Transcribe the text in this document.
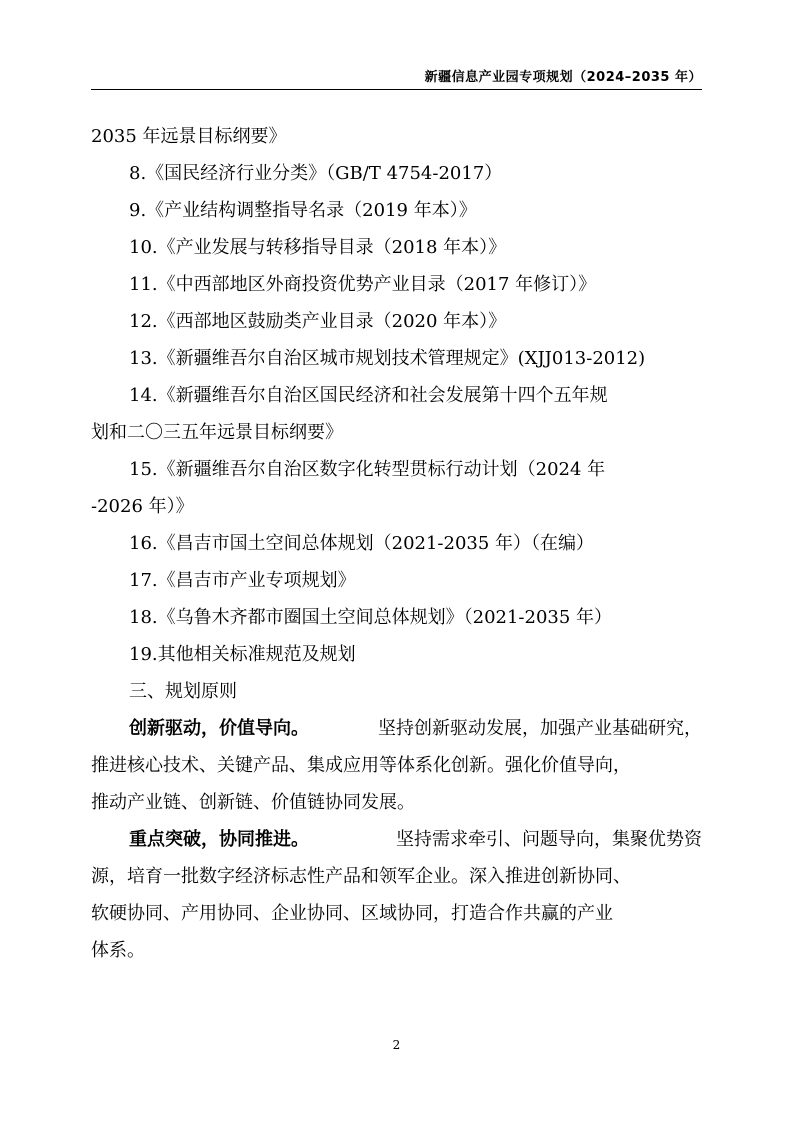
新疆信息产业园专项规划（2024–2035 年）
2035 年远景目标纲要》
8.《国民经济行业分类》（GB/T 4754-2017）
9.《产业结构调整指导名录（2019 年本）》
10.《产业发展与转移指导目录（2018 年本）》
11.《中西部地区外商投资优势产业目录（2017 年修订）》
12.《西部地区鼓励类产业目录（2020 年本）》
13.《新疆维吾尔自治区城市规划技术管理规定》(XJJ013-2012)
14.《新疆维吾尔自治区国民经济和社会发展第十四个五年规
划和二〇三五年远景目标纲要》
15.《新疆维吾尔自治区数字化转型贯标行动计划（2024 年
-2026 年）》
16.《昌吉市国土空间总体规划（2021-2035 年）（在编）
17.《昌吉市产业专项规划》
18.《乌鲁木齐都市圈国土空间总体规划》（2021-2035 年）
19.其他相关标准规范及规划
三、规划原则
创新驱动，价值导向。	坚持创新驱动发展，加强产业基础研究，
推进核心技术、关键产品、集成应用等体系化创新。强化价值导向，
推动产业链、创新链、价值链协同发展。
重点突破，协同推进。	坚持需求牵引、问题导向，集聚优势资
源，培育一批数字经济标志性产品和领军企业。深入推进创新协同、
软硬协同、产用协同、企业协同、区域协同，打造合作共赢的产业
体系。
2
